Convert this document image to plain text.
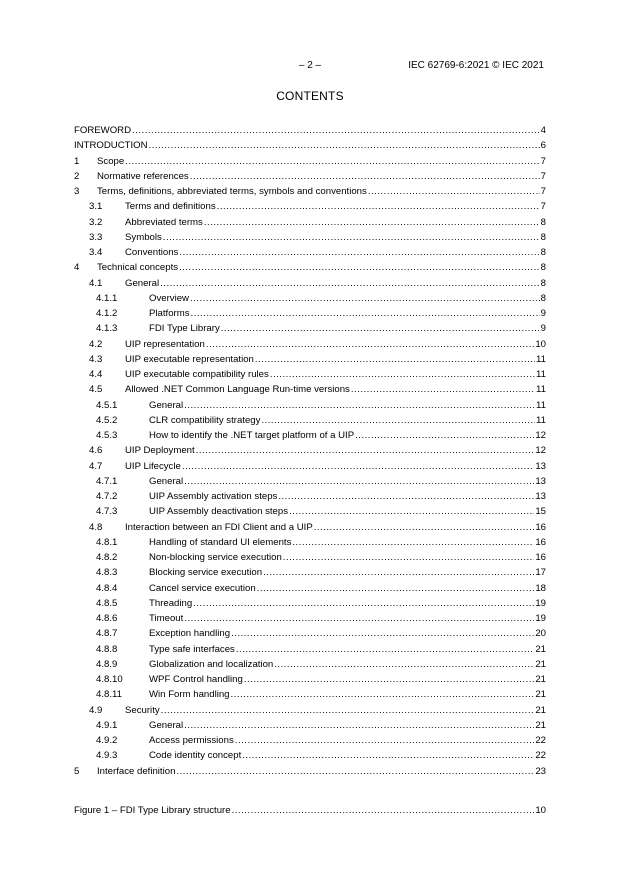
– 2 –	IEC 62769-6:2021 © IEC 2021
CONTENTS
FOREWORD .....	4
INTRODUCTION .....	6
1 Scope .....	7
2 Normative references .....	7
3 Terms, definitions, abbreviated terms, symbols and conventions .....	7
3.1 Terms and definitions .....	7
3.2 Abbreviated terms .....	8
3.3 Symbols .....	8
3.4 Conventions .....	8
4 Technical concepts .....	8
4.1 General .....	8
4.1.1	Overview .....	8
4.1.2	Platforms .....	9
4.1.3	FDI Type Library .....	9
4.2 UIP representation .....	10
4.3 UIP executable representation .....	11
4.4 UIP executable compatibility rules .....	11
4.5 Allowed .NET Common Language Run-time versions .....	11
4.5.1	General .....	11
4.5.2	CLR compatibility strategy .....	11
4.5.3	How to identify the .NET target platform of a UIP .....	12
4.6 UIP Deployment .....	12
4.7 UIP Lifecycle .....	13
4.7.1	General .....	13
4.7.2	UIP Assembly activation steps .....	13
4.7.3	UIP Assembly deactivation steps .....	15
4.8 Interaction between an FDI Client and a UIP .....	16
4.8.1	Handling of standard UI elements .....	16
4.8.2	Non-blocking service execution .....	16
4.8.3	Blocking service execution .....	17
4.8.4	Cancel service execution .....	18
4.8.5	Threading .....	19
4.8.6	Timeout .....	19
4.8.7	Exception handling .....	20
4.8.8	Type safe interfaces .....	21
4.8.9	Globalization and localization .....	21
4.8.10	WPF Control handling .....	21
4.8.11	Win Form handling .....	21
4.9 Security .....	21
4.9.1	General .....	21
4.9.2	Access permissions .....	22
4.9.3	Code identity concept .....	22
5 Interface definition .....	23
Figure 1 – FDI Type Library structure .....	10
